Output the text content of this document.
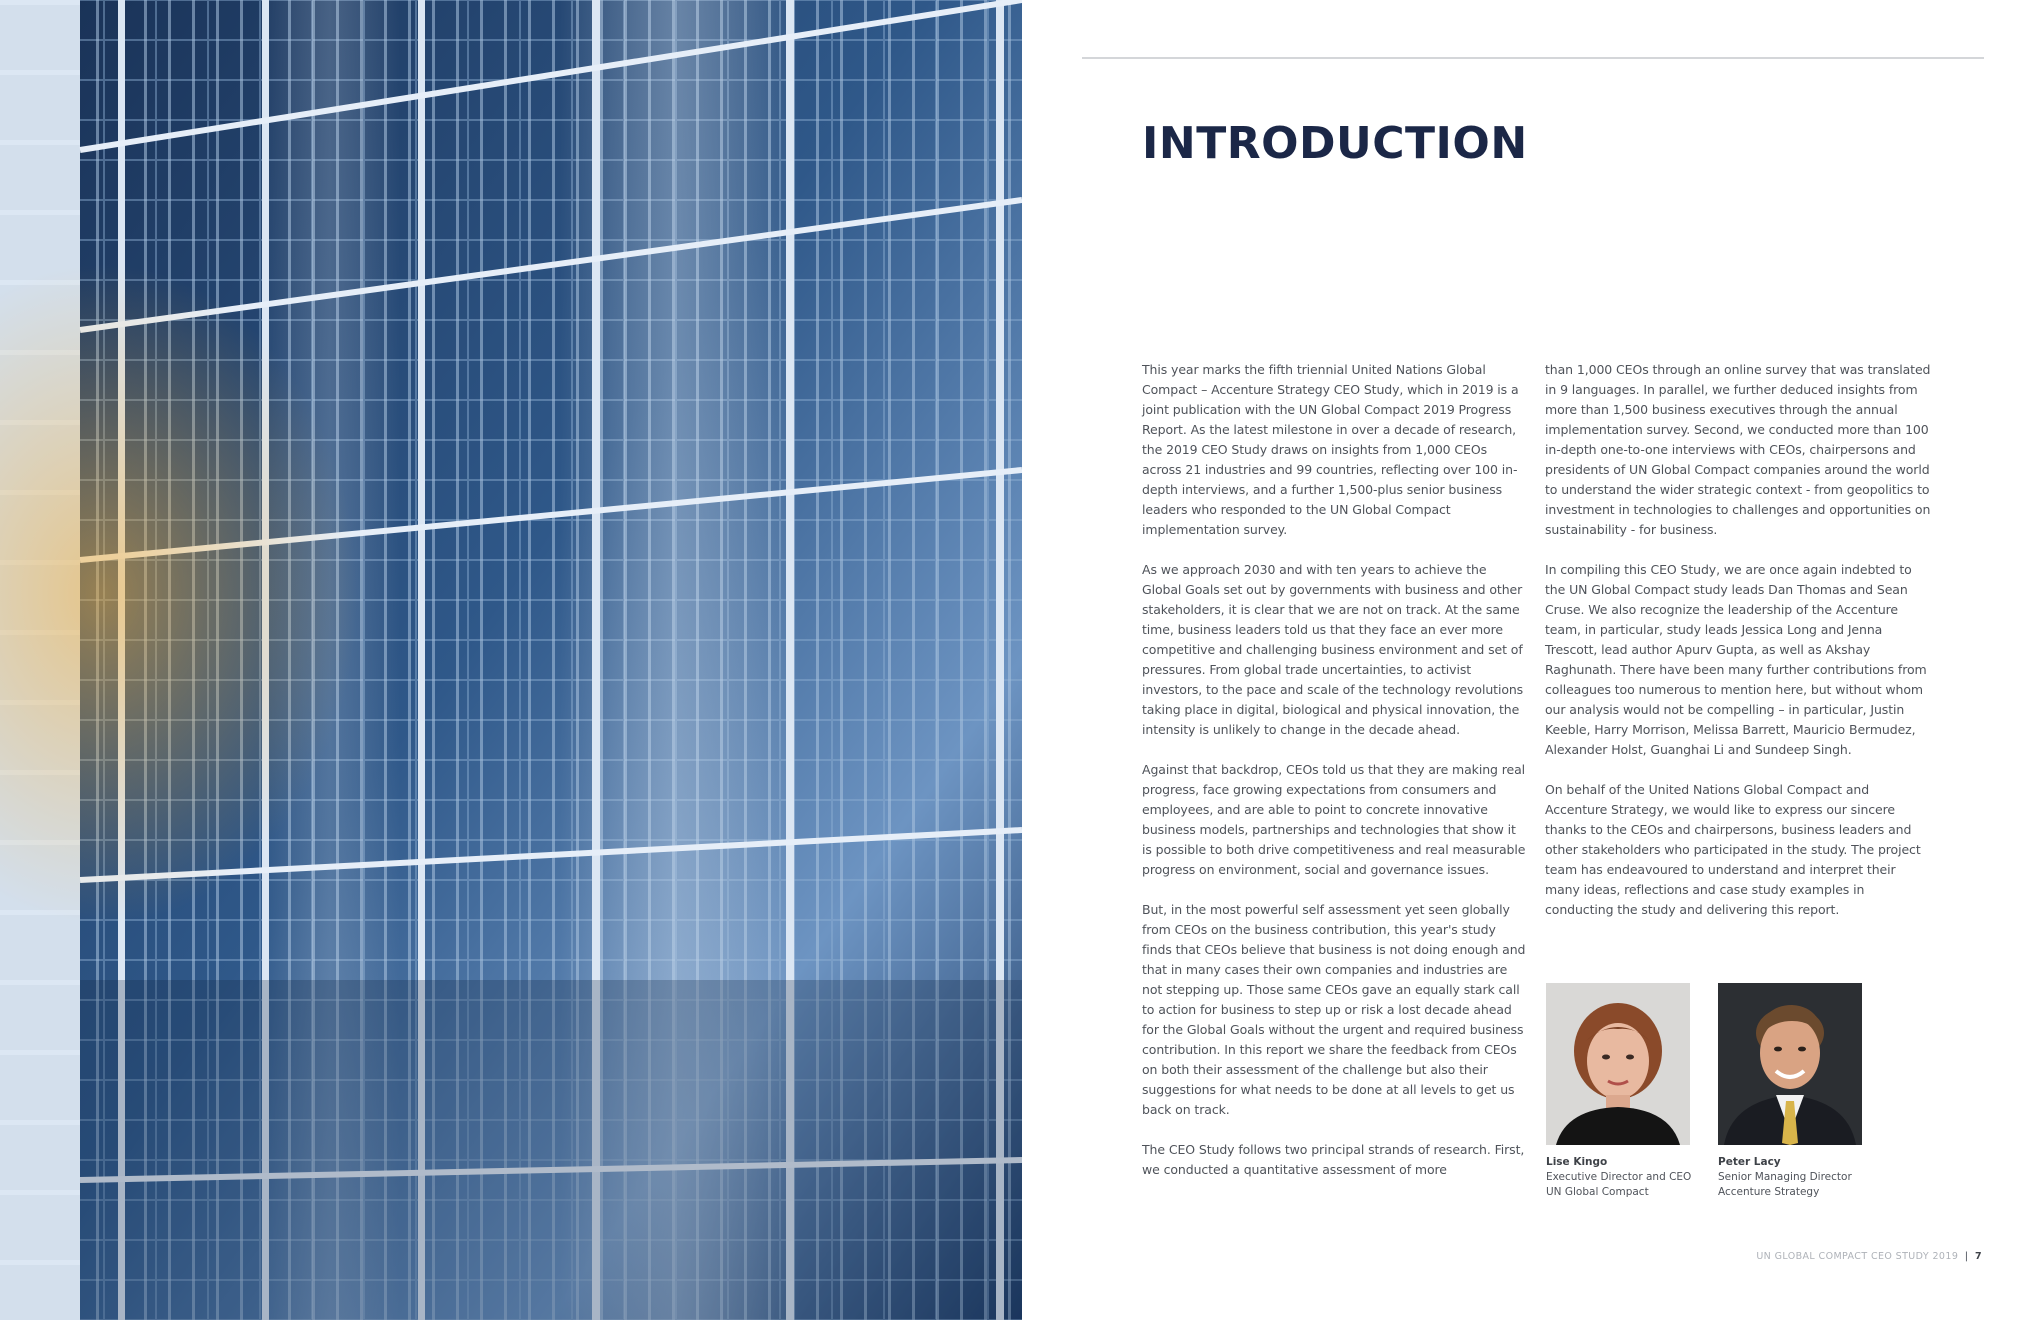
INTRODUCTION

This year marks the fifth triennial United Nations Global Compact – Accenture Strategy CEO Study, which in 2019 is a joint publication with the UN Global Compact 2019 Progress Report. As the latest milestone in over a decade of research, the 2019 CEO Study draws on insights from 1,000 CEOs across 21 industries and 99 countries, reflecting over 100 in-depth interviews, and a further 1,500-plus senior business leaders who responded to the UN Global Compact implementation survey.

As we approach 2030 and with ten years to achieve the Global Goals set out by governments with business and other stakeholders, it is clear that we are not on track. At the same time, business leaders told us that they face an ever more competitive and challenging business environment and set of pressures. From global trade uncertainties, to activist investors, to the pace and scale of the technology revolutions taking place in digital, biological and physical innovation, the intensity is unlikely to change in the decade ahead.

Against that backdrop, CEOs told us that they are making real progress, face growing expectations from consumers and employees, and are able to point to concrete innovative business models, partnerships and technologies that show it is possible to both drive competitiveness and real measurable progress on environment, social and governance issues.

But, in the most powerful self assessment yet seen globally from CEOs on the business contribution, this year's study finds that CEOs believe that business is not doing enough and that in many cases their own companies and industries are not stepping up. Those same CEOs gave an equally stark call to action for business to step up or risk a lost decade ahead for the Global Goals without the urgent and required business contribution. In this report we share the feedback from CEOs on both their assessment of the challenge but also their suggestions for what needs to be done at all levels to get us back on track.

The CEO Study follows two principal strands of research. First, we conducted a quantitative assessment of more

than 1,000 CEOs through an online survey that was translated in 9 languages. In parallel, we further deduced insights from more than 1,500 business executives through the annual implementation survey. Second, we conducted more than 100 in-depth one-to-one interviews with CEOs, chairpersons and presidents of UN Global Compact companies around the world to understand the wider strategic context - from geopolitics to investment in technologies to challenges and opportunities on sustainability - for business.

In compiling this CEO Study, we are once again indebted to the UN Global Compact study leads Dan Thomas and Sean Cruse. We also recognize the leadership of the Accenture team, in particular, study leads Jessica Long and Jenna Trescott, lead author Apurv Gupta, as well as Akshay Raghunath. There have been many further contributions from colleagues too numerous to mention here, but without whom our analysis would not be compelling – in particular, Justin Keeble, Harry Morrison, Melissa Barrett, Mauricio Bermudez, Alexander Holst, Guanghai Li and Sundeep Singh.

On behalf of the United Nations Global Compact and Accenture Strategy, we would like to express our sincere thanks to the CEOs and chairpersons, business leaders and other stakeholders who participated in the study. The project team has endeavoured to understand and interpret their many ideas, reflections and case study examples in conducting the study and delivering this report.

Lise Kingo
Executive Director and CEO
UN Global Compact
Peter Lacy
Senior Managing Director
Accenture Strategy
UN GLOBAL COMPACT CEO STUDY 2019 | 7
